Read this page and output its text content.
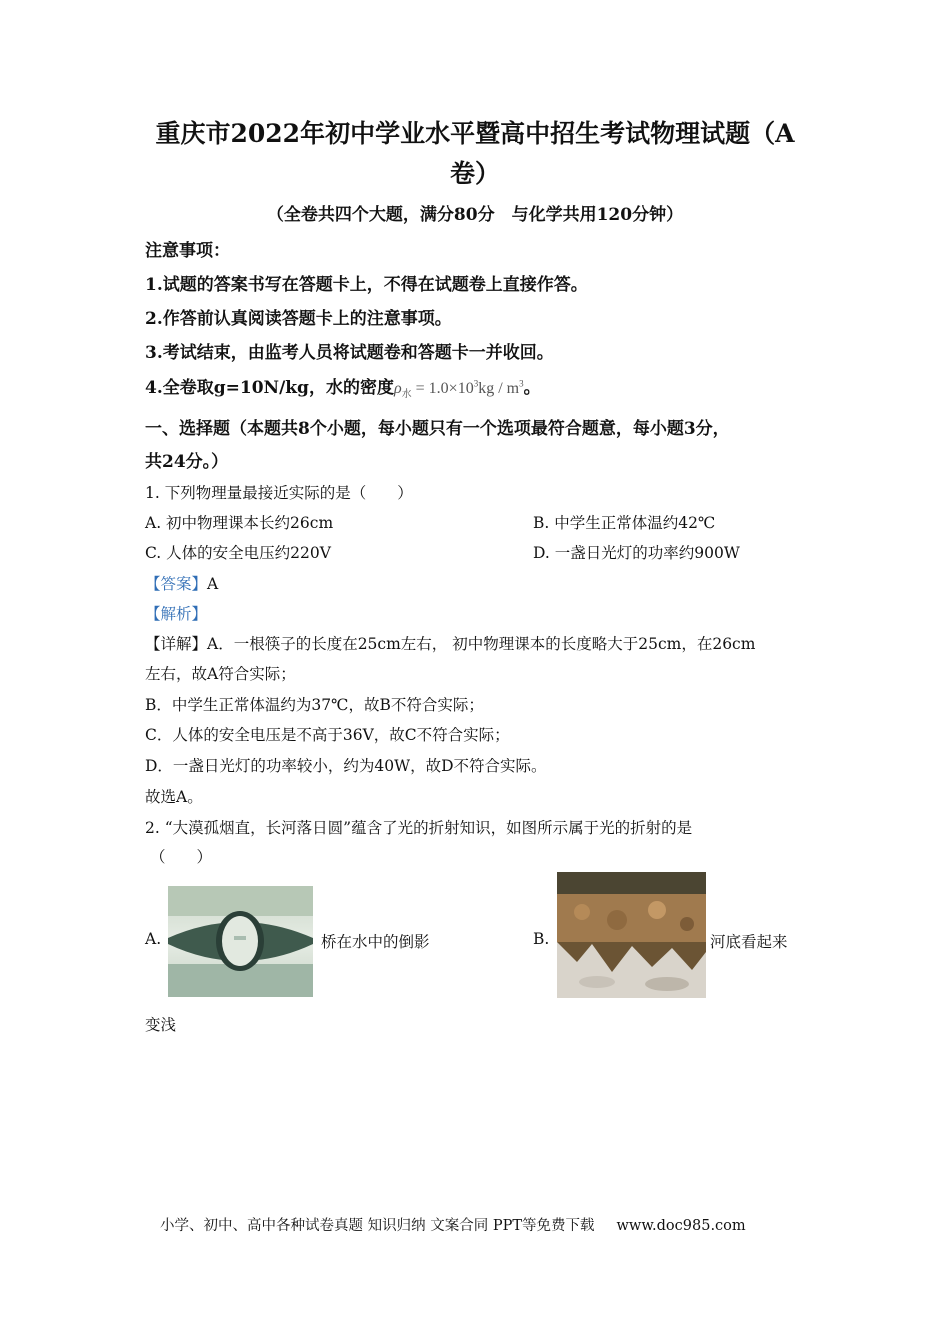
重庆市2022年初中学业水平暨高中招生考试物理试题（A
卷）
（全卷共四个大题，满分80分　与化学共用120分钟）
注意事项：
1.试题的答案书写在答题卡上，不得在试题卷上直接作答。
2.作答前认真阅读答题卡上的注意事项。
3.考试结束，由监考人员将试题卷和答题卡一并收回。
4.全卷取g=10N/kg，水的密度$\rho_水 = 1.0\times 10^3kg / m^3$。
一、选择题（本题共8个小题，每小题只有一个选项最符合题意，每小题3分，
共24分。）
1. 下列物理量最接近实际的是（　　）
A. 初中物理课本长约26cm	B. 中学生正常体温约42℃
C. 人体的安全电压约220V	D. 一盏日光灯的功率约900W
【答案】A
【解析】
【详解】A．一根筷子的长度在25cm左右， 初中物理课本的长度略大于25cm，在26cm
左右，故A符合实际；
B．中学生正常体温约为37℃，故B不符合实际；
C．人体的安全电压是不高于36V，故C不符合实际；
D．一盏日光灯的功率较小，约为40W，故D不符合实际。
故选A。
2. “大漠孤烟直，长河落日圆”蕴含了光的折射知识，如图所示属于光的折射的是
（　　）
A.	桥在水中的倒影	B.	河底看起来
变浅
小学、初中、高中各种试卷真题 知识归纳 文案合同 PPT等免费下载 www.doc985.com
